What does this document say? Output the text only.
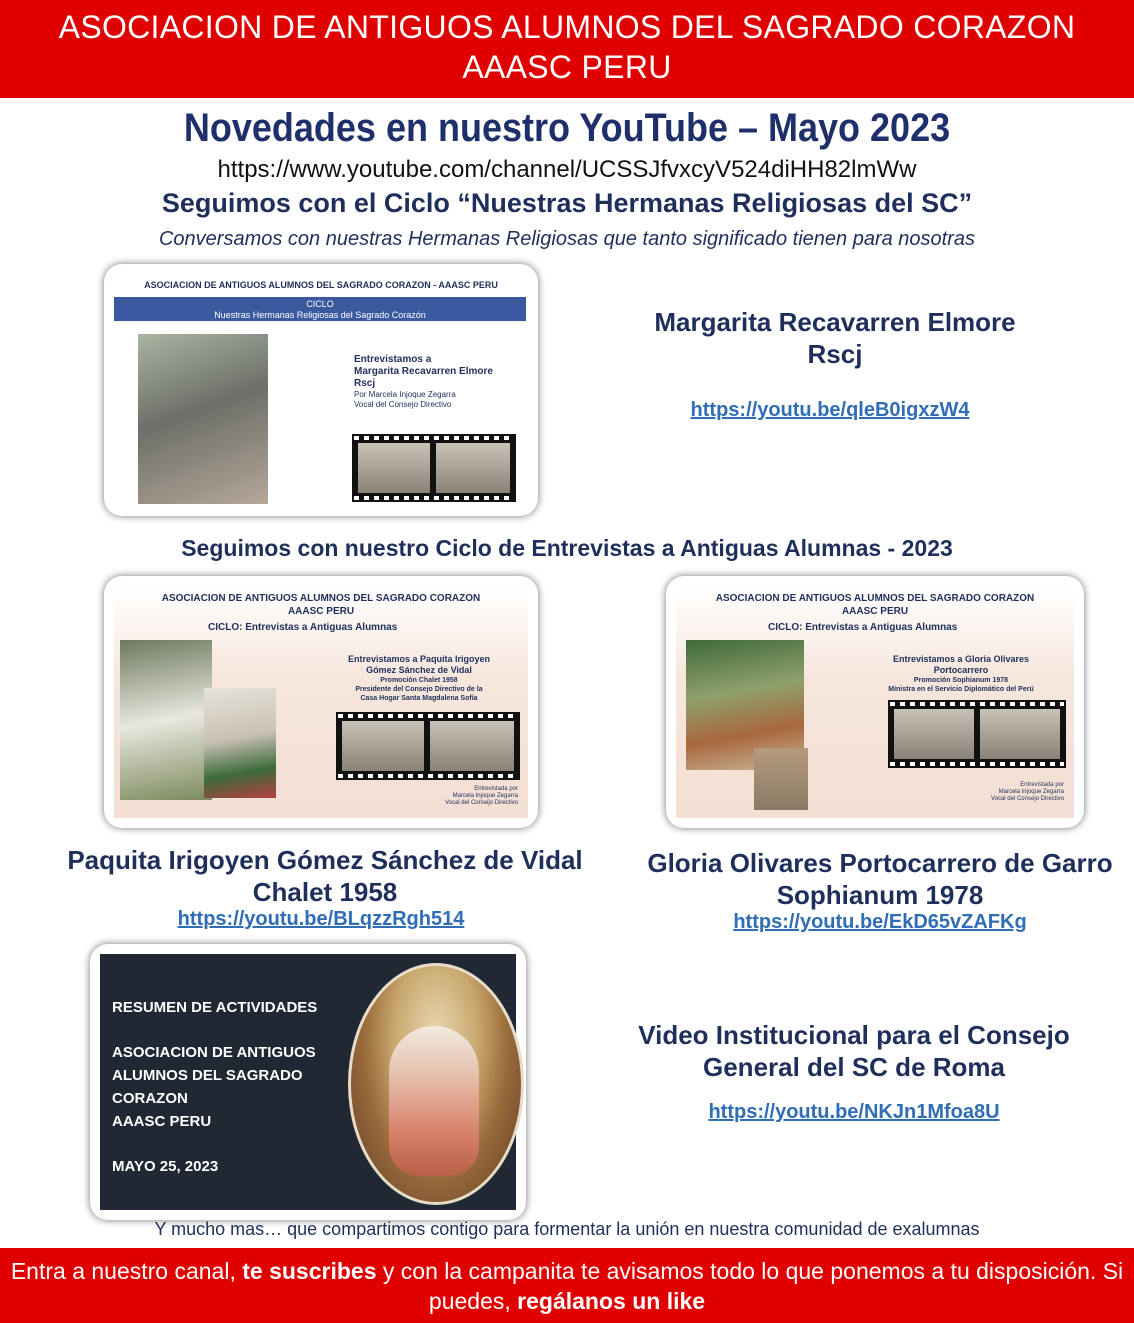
ASOCIACION DE ANTIGUOS ALUMNOS DEL SAGRADO CORAZON
AAASC PERU
Novedades en nuestro YouTube – Mayo 2023
https://www.youtube.com/channel/UCSSJfvxcyV524diHH82lmWw
Seguimos con el Ciclo “Nuestras Hermanas Religiosas del SC”
Conversamos con nuestras Hermanas Religiosas que tanto significado tienen para nosotras
ASOCIACION DE ANTIGUOS ALUMNOS DEL SAGRADO CORAZON - AAASC PERU
CICLO
Nuestras Hermanas Religiosas del Sagrado Corazón
Entrevistamos a
Margarita Recavarren Elmore
Rscj
Por Marcela Injoque Zegarra
Vocal del Consejo Directivo
Margarita Recavarren Elmore
Rscj
https://youtu.be/qleB0igxzW4
Seguimos con nuestro Ciclo de Entrevistas a Antiguas Alumnas - 2023
ASOCIACION DE ANTIGUOS ALUMNOS DEL SAGRADO CORAZON
AAASC PERU
CICLO: Entrevistas a Antiguas Alumnas
Entrevistamos a Paquita Irigoyen
Gómez Sánchez de Vidal
Promoción Chalet 1958
Presidente del Consejo Directivo de la
Casa Hogar Santa Magdalena Sofía
Entrevistada por
Marcela Injoque Zegarra
Vocal del Consejo Directivo
ASOCIACION DE ANTIGUOS ALUMNOS DEL SAGRADO CORAZON
AAASC PERU
CICLO: Entrevistas a Antiguas Alumnas
Entrevistamos a Gloria Olivares
Portocarrero
Promoción Sophianum 1978
Ministra en el Servicio Diplomático del Perú
Entrevistada por
Marcela Injoque Zegarra
Vocal del Consejo Directivo
Paquita Irigoyen Gómez Sánchez de Vidal
Chalet 1958
https://youtu.be/BLqzzRgh514
Gloria Olivares Portocarrero de Garro
Sophianum 1978
https://youtu.be/EkD65vZAFKg
RESUMEN DE ACTIVIDADES
ASOCIACION DE ANTIGUOS
ALUMNOS DEL SAGRADO
CORAZON
AAASC PERU
MAYO 25, 2023
Video Institucional para el Consejo
General del SC de Roma
https://youtu.be/NKJn1Mfoa8U
Y mucho mas… que compartimos contigo para formentar la unión en nuestra comunidad de exalumnas
Entra a nuestro canal, te suscribes y con la campanita te avisamos todo lo que ponemos a tu disposición. Si puedes, regálanos un like
